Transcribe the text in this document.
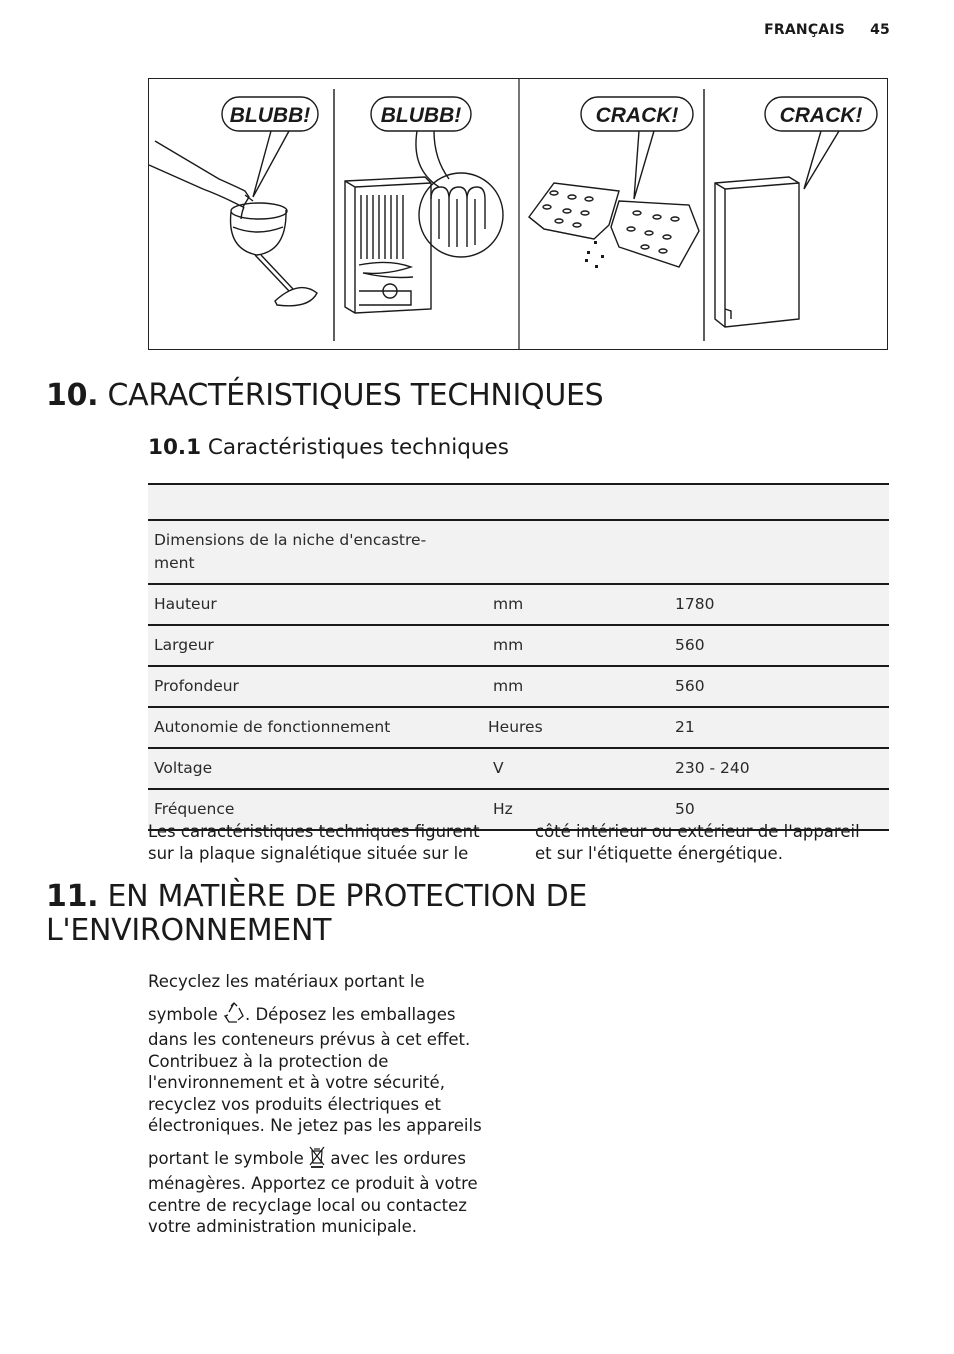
FRANÇAIS 45
BLUBB!	BLUBB!	CRACK!	CRACK!
10. CARACTÉRISTIQUES TECHNIQUES
10.1 Caractéristiques techniques

Dimensions de la niche d'encastre-
ment		
Hauteur	mm	1780
Largeur	mm	560
Profondeur	mm	560
Autonomie de fonctionnement	Heures	21
Voltage	V	230 - 240
Fréquence	Hz	50

Les caractéristiques techniques figurent sur la plaque signalétique située sur le

côté intérieur ou extérieur de l'appareil et sur l'étiquette énergétique.

11. EN MATIÈRE DE PROTECTION DE
L'ENVIRONNEMENT
Recyclez les matériaux portant le
symbole . Déposez les emballages dans les conteneurs prévus à cet effet. Contribuez à la protection de l'environnement et à votre sécurité, recyclez vos produits électriques et électroniques. Ne jetez pas les appareils
portant le symbole  avec les ordures ménagères. Apportez ce produit à votre centre de recyclage local ou contactez votre administration municipale.
